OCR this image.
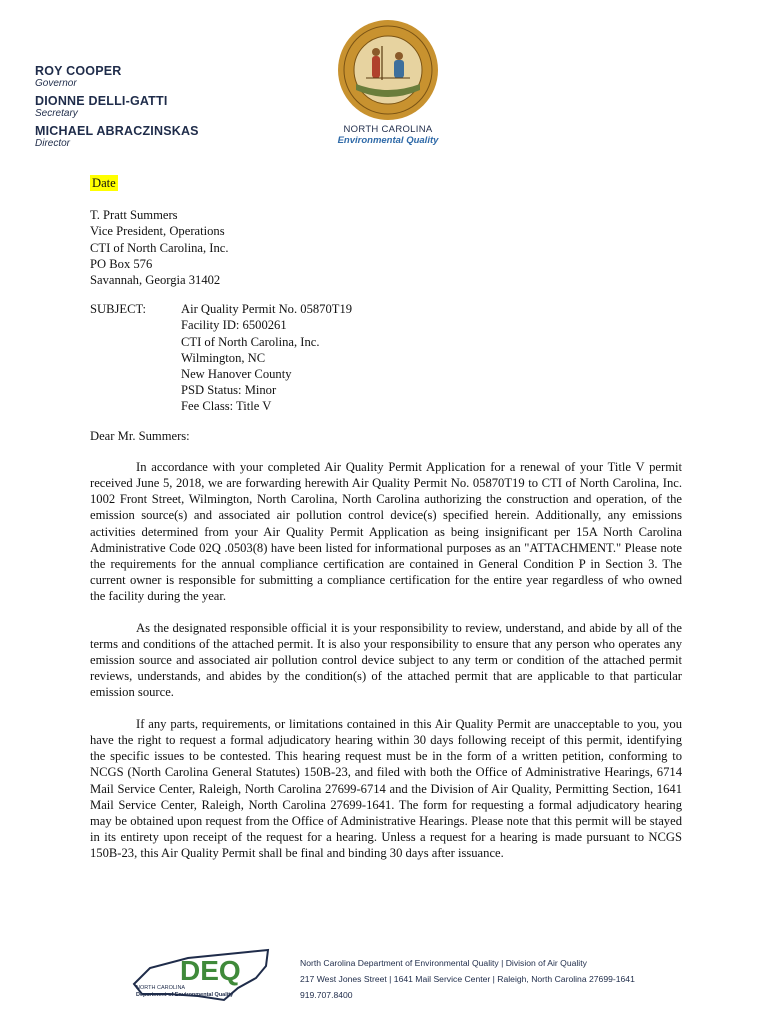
ROY COOPER
Governor
DIONNE DELLI-GATTI
Secretary
MICHAEL ABRACZINSKAS
Director
NORTH CAROLINA
Environmental Quality
Date
T. Pratt Summers
Vice President, Operations
CTI of North Carolina, Inc.
PO Box 576
Savannah, Georgia 31402
SUBJECT:	Air Quality Permit No. 05870T19
Facility ID: 6500261
CTI of North Carolina, Inc.
Wilmington, NC
New Hanover County
PSD Status: Minor
Fee Class: Title V
Dear Mr. Summers:

In accordance with your completed Air Quality Permit Application for a renewal of your Title V permit received June 5, 2018, we are forwarding herewith Air Quality Permit No. 05870T19 to CTI of North Carolina, Inc. 1002 Front Street, Wilmington, North Carolina, North Carolina authorizing the construction and operation, of the emission source(s) and associated air pollution control device(s) specified herein. Additionally, any emissions activities determined from your Air Quality Permit Application as being insignificant per 15A North Carolina Administrative Code 02Q .0503(8) have been listed for informational purposes as an "ATTACHMENT." Please note the requirements for the annual compliance certification are contained in General Condition P in Section 3. The current owner is responsible for submitting a compliance certification for the entire year regardless of who owned the facility during the year.

As the designated responsible official it is your responsibility to review, understand, and abide by all of the terms and conditions of the attached permit. It is also your responsibility to ensure that any person who operates any emission source and associated air pollution control device subject to any term or condition of the attached permit reviews, understands, and abides by the condition(s) of the attached permit that are applicable to that particular emission source.

If any parts, requirements, or limitations contained in this Air Quality Permit are unacceptable to you, you have the right to request a formal adjudicatory hearing within 30 days following receipt of this permit, identifying the specific issues to be contested. This hearing request must be in the form of a written petition, conforming to NCGS (North Carolina General Statutes) 150B-23, and filed with both the Office of Administrative Hearings, 6714 Mail Service Center, Raleigh, North Carolina 27699-6714 and the Division of Air Quality, Permitting Section, 1641 Mail Service Center, Raleigh, North Carolina 27699-1641. The form for requesting a formal adjudicatory hearing may be obtained upon request from the Office of Administrative Hearings. Please note that this permit will be stayed in its entirety upon receipt of the request for a hearing. Unless a request for a hearing is made pursuant to NCGS 150B-23, this Air Quality Permit shall be final and binding 30 days after issuance.

DEQ
NORTH CAROLINA
Department of Environmental Quality
North Carolina Department of Environmental Quality | Division of Air Quality
217 West Jones Street | 1641 Mail Service Center | Raleigh, North Carolina 27699-1641
919.707.8400
